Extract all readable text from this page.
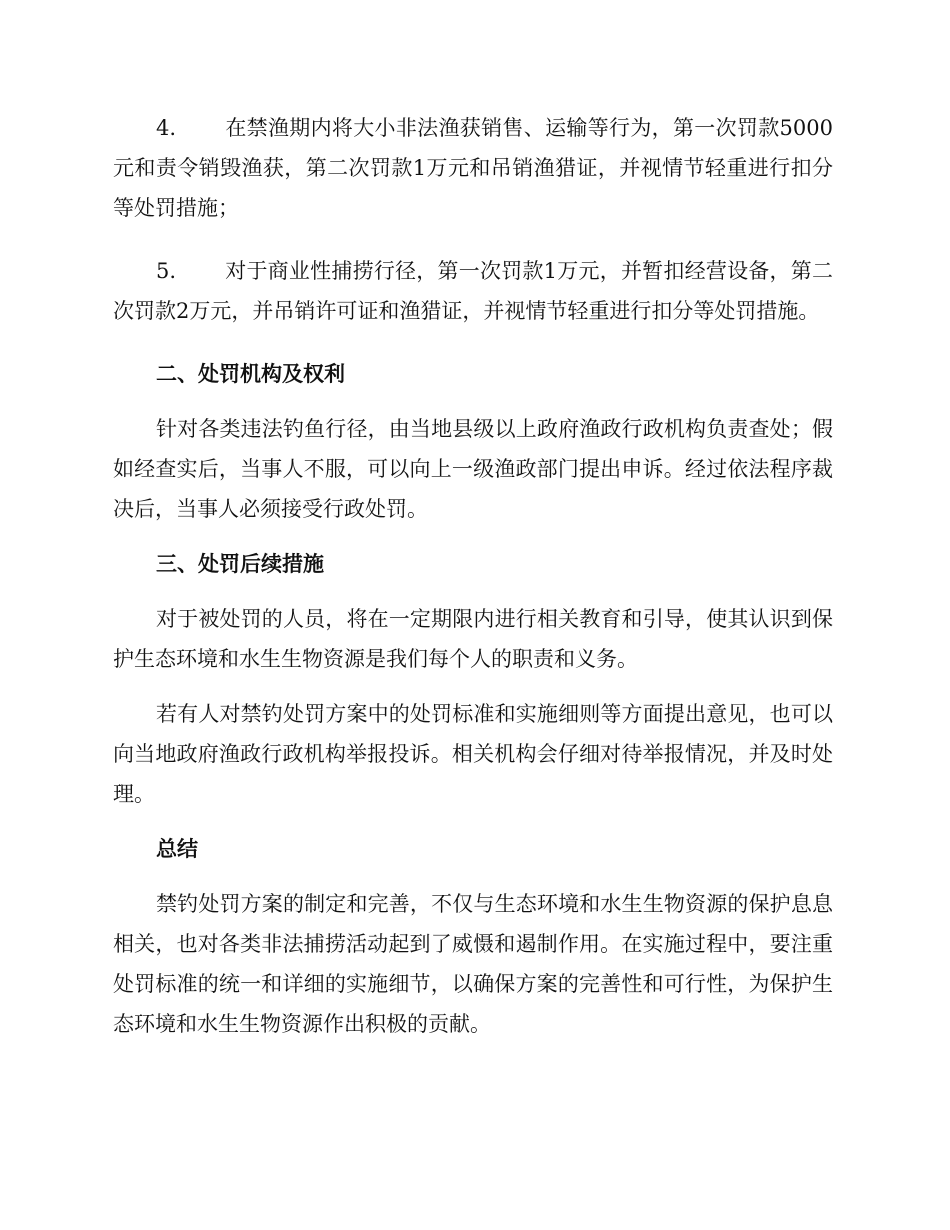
4. 在禁渔期内将大小非法渔获销售、运输等行为，第一次罚款5000元和责令销毁渔获，第二次罚款1万元和吊销渔猎证，并视情节轻重进行扣分等处罚措施；

5. 对于商业性捕捞行径，第一次罚款1万元，并暂扣经营设备，第二次罚款2万元，并吊销许可证和渔猎证，并视情节轻重进行扣分等处罚措施。

二、处罚机构及权利

针对各类违法钓鱼行径，由当地县级以上政府渔政行政机构负责查处；假如经查实后，当事人不服，可以向上一级渔政部门提出申诉。经过依法程序裁决后，当事人必须接受行政处罚。

三、处罚后续措施

对于被处罚的人员，将在一定期限内进行相关教育和引导，使其认识到保护生态环境和水生生物资源是我们每个人的职责和义务。

若有人对禁钓处罚方案中的处罚标准和实施细则等方面提出意见，也可以向当地政府渔政行政机构举报投诉。相关机构会仔细对待举报情况，并及时处理。

总结

禁钓处罚方案的制定和完善，不仅与生态环境和水生生物资源的保护息息相关，也对各类非法捕捞活动起到了威慑和遏制作用。在实施过程中，要注重处罚标准的统一和详细的实施细节，以确保方案的完善性和可行性，为保护生态环境和水生生物资源作出积极的贡献。
